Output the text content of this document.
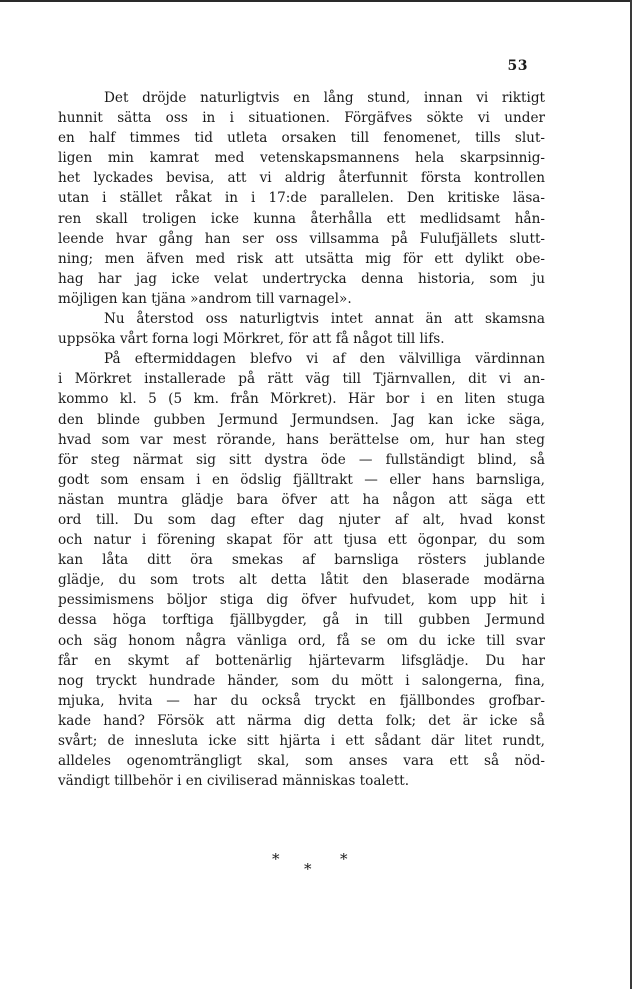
53
Det dröjde naturligtvis en lång stund, innan vi riktigt
hunnit sätta oss in i situationen. Förgäfves sökte vi under
en half timmes tid utleta orsaken till fenomenet, tills slut-
ligen min kamrat med vetenskapsmannens hela skarpsinnig-
het lyckades bevisa, att vi aldrig återfunnit första kontrollen
utan i stället råkat in i 17:de parallelen. Den kritiske läsa-
ren skall troligen icke kunna återhålla ett medlidsamt hån-
leende hvar gång han ser oss villsamma på Fulufjällets slutt-
ning; men äfven med risk att utsätta mig för ett dylikt obe-
hag har jag icke velat undertrycka denna historia, som ju
möjligen kan tjäna »androm till varnagel».
Nu återstod oss naturligtvis intet annat än att skamsna
uppsöka vårt forna logi Mörkret, för att få något till lifs.
På eftermiddagen blefvo vi af den välvilliga värdinnan
i Mörkret installerade på rätt väg till Tjärnvallen, dit vi an-
kommo kl. 5 (5 km. från Mörkret). Här bor i en liten stuga
den blinde gubben Jermund Jermundsen. Jag kan icke säga,
hvad som var mest rörande, hans berättelse om, hur han steg
för steg närmat sig sitt dystra öde — fullständigt blind, så
godt som ensam i en ödslig fjälltrakt — eller hans barnsliga,
nästan muntra glädje bara öfver att ha någon att säga ett
ord till. Du som dag efter dag njuter af alt, hvad konst
och natur i förening skapat för att tjusa ett ögonpar, du som
kan låta ditt öra smekas af barnsliga rösters jublande
glädje, du som trots alt detta låtit den blaserade modärna
pessimismens böljor stiga dig öfver hufvudet, kom upp hit i
dessa höga torftiga fjällbygder, gå in till gubben Jermund
och säg honom några vänliga ord, få se om du icke till svar
får en skymt af bottenärlig hjärtevarm lifsglädje. Du har
nog tryckt hundrade händer, som du mött i salongerna, fina,
mjuka, hvita — har du också tryckt en fjällbondes grofbar-
kade hand? Försök att närma dig detta folk; det är icke så
svårt; de innesluta icke sitt hjärta i ett sådant där litet rundt,
alldeles ogenomträngligt skal, som anses vara ett så nöd-
vändigt tillbehör i en civiliserad människas toalett.
*
*
*
